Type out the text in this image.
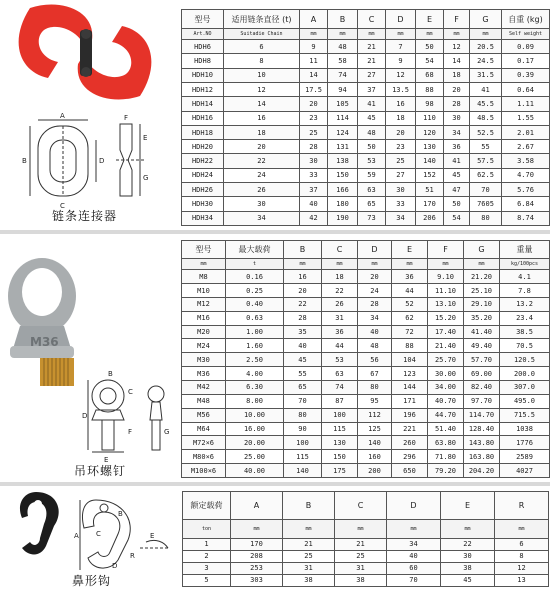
A
B
C
D
E
F
G
链条连接器
型号	适用链条直径 (t)	A	B	C	D	E	F	G	自重 (kg)
Art.NO	Suitadie Chain	mm	mm	mm	mm	mm	mm	mm	Self weight
HDH6	6	9	48	21	7	50	12	20.5	0.09
HDH8	8	11	58	21	9	54	14	24.5	0.17
HDH10	10	14	74	27	12	68	18	31.5	0.39
HDH12	12	17.5	94	37	13.5	88	20	41	0.64
HDH14	14	20	105	41	16	98	28	45.5	1.11
HDH16	16	23	114	45	18	110	30	48.5	1.55
HDH18	18	25	124	48	20	120	34	52.5	2.01
HDH20	20	28	131	50	23	130	36	55	2.67
HDH22	22	30	138	53	25	140	41	57.5	3.58
HDH24	24	33	150	59	27	152	45	62.5	4.70
HDH26	26	37	166	63	30	51	47	70	5.76
HDH30	30	40	180	65	33	170	50	7605	6.84
HDH34	34	42	190	73	34	206	54	80	8.74
M36
B
C
D
E
F	G
吊环螺钉
型号	最大载荷	B	C	D	E	F	G	重量
mm	t	mm	mm	mm	mm	mm	mm	kg/100pcs
M8	0.16	16	18	20	36	9.10	21.20	4.1
M10	0.25	20	22	24	44	11.10	25.10	7.8
M12	0.40	22	26	28	52	13.10	29.10	13.2
M16	0.63	28	31	34	62	15.20	35.20	23.4
M20	1.00	35	36	40	72	17.40	41.40	38.5
M24	1.60	40	44	48	88	21.40	49.40	70.5
M30	2.50	45	53	56	104	25.70	57.70	120.5
M36	4.00	55	63	67	123	30.00	69.00	200.0
M42	6.30	65	74	80	144	34.00	82.40	307.0
M48	8.00	70	87	95	171	40.70	97.70	495.0
M56	10.00	80	100	112	196	44.70	114.70	715.5
M64	16.00	90	115	125	221	51.40	128.40	1038
M72×6	20.00	100	130	140	260	63.80	143.80	1776
M80×6	25.00	115	150	160	296	71.80	163.80	2589
M100×6	40.00	140	175	200	650	79.20	204.20	4027
A
B
C
D
E
R
鼻形钩
额定载荷	A	B	C	D	E	R
ton	mm	mm	mm	mm	mm	mm
1	170	21	21	34	22	6
2	208	25	25	40	30	8
3	253	31	31	60	38	12
5	303	38	38	70	45	13
